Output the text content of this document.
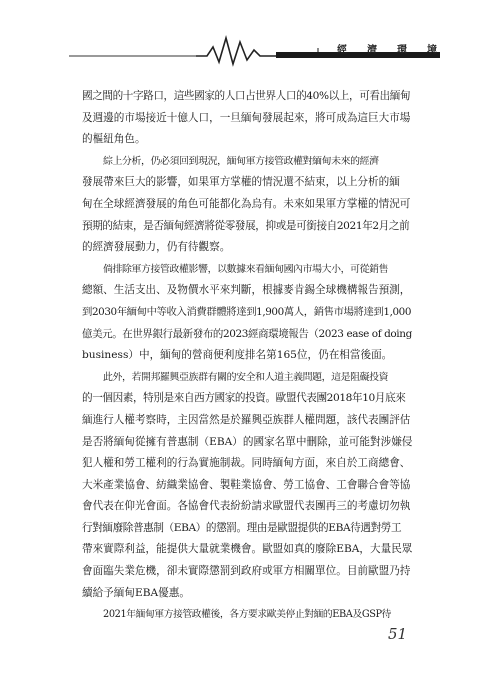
經 濟 環 境
國之間的十字路口，這些國家的人口占世界人口的40%以上，可看出緬甸
及週邊的市場接近十億人口，一旦緬甸發展起來，將可成為這巨大市場
的樞紐角色。
綜上分析，仍必須回到現況，緬甸軍方接管政權對緬甸未來的經濟
發展帶來巨大的影響，如果軍方掌權的情況還不結束，以上分析的緬
甸在全球經濟發展的角色可能都化為烏有。未來如果軍方掌權的情況可
預期的結束，是否緬甸經濟將從零發展，抑或是可銜接自2021年2月之前
的經濟發展動力，仍有待觀察。
倘排除軍方接管政權影響，以數據來看緬甸國內市場大小，可從銷售
總額、生活支出、及物價水平來判斷，根據麥肯錫全球機構報告預測，
到2030年緬甸中等收入消費群體將達到1,900萬人，銷售市場將達到1,000
億美元。在世界銀行最新發布的2023經商環境報告（2023 ease of doing
business）中，緬甸的營商便利度排名第165位，仍在相當後面。
此外，若開邦羅興亞族群有關的安全和人道主義問題，這是阻礙投資
的一個因素，特別是來自西方國家的投資。歐盟代表團2018年10月底來
緬進行人權考察時，主因當然是於羅興亞族群人權問題，該代表團評估
是否將緬甸從擁有普惠制（EBA）的國家名單中刪除，並可能對涉嫌侵
犯人權和勞工權利的行為實施制裁。同時緬甸方面，來自於工商總會、
大米產業協會、紡織業協會、製鞋業協會、勞工協會、工會聯合會等協
會代表在仰光會面。各協會代表紛紛請求歐盟代表團再三的考慮切勿執
行對緬廢除普惠制（EBA）的懲罰。理由是歐盟提供的EBA待遇對勞工
帶來實際利益，能提供大量就業機會。歐盟如真的廢除EBA，大量民眾
會面臨失業危機，卻未實際懲罰到政府或軍方相關單位。目前歐盟乃持
續給予緬甸EBA優惠。
2021年緬甸軍方接管政權後，各方要求歐美停止對緬的EBA及GSP待
51
